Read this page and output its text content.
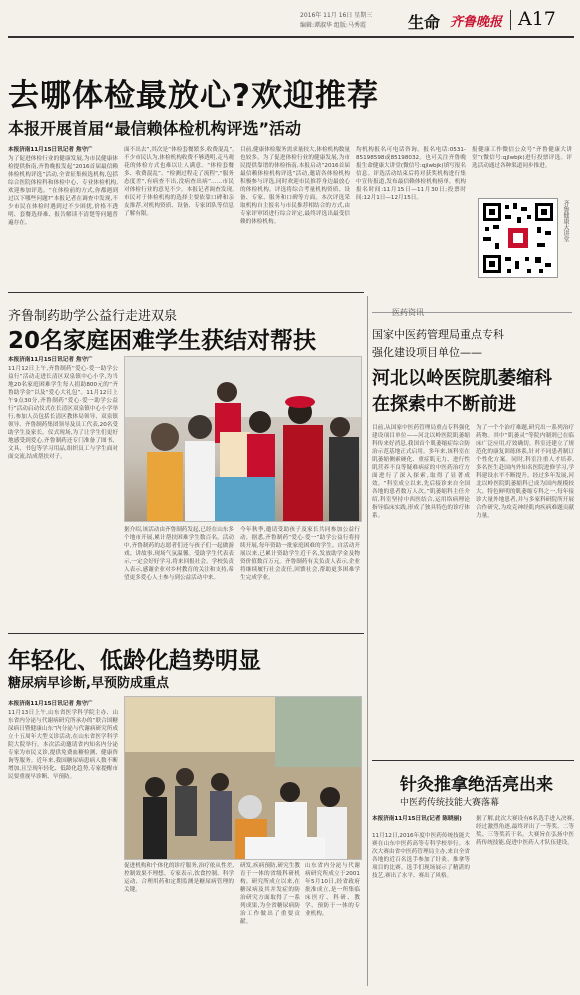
2016年 11月 16日 星期三
编辑:谭淑华 组版:马秀霞	生命 齐鲁晚报 A17
去哪体检最放心?欢迎推荐
本报开展首届“最信赖体检机构评选”活动
本报济南11月15日讯记者 焦守广
为了促进体检行业的健康发展,为市民健康体检提供指南,齐鲁晚报发起“2016首届最信赖体检机构评选”活动,全省征集候选机构,包括综合医院体检科和体检中心、专业体检机构,欢迎参加评选。“在体检前的方式,你都遇到过以下哪些问题?”本报记者在调查中发现,不少市民在体检时遇到过不少困扰,价格不透明、套餐选择难、报告解读不清楚等问题普遍存在。
面不出去”,其次是“体检套餐繁多,收费混乱”,不少市民认为,体检机构收费不够透明,走马观花的体检方式也难以让人满意。“体检套餐多、收费混乱”、“检测过程走了流程”,“服务态度差”,有病查不出,没病查出病”……市民对体检行业的意见不少。本报记者调查发现,市民对于体检机构的选择主要依靠口碑和亲友推荐,对机构资质、设备、专家团队等信息了解有限。
目前,健康体检服务需求量较大,体检机构数量也较多。为了促进体检行业的健康发展,为市民提供靠谱的体检指南,本报启动“2016首届最信赖体检机构评选”活动,邀请各体检机构积极参与评选,同时欢迎市民推荐身边最放心的体检机构。评选将综合考量机构资质、设备、专家、服务和口碑等方面。本次评选采取机构自主报名与市民推荐相结合的方式,由专家评审团进行综合评定,最终评选出最受信赖的体检机构。
均机构报名可电话咨询。报名电话:0531-85198598或85198032。也可关注齐鲁晚报生命健康大讲堂(微信号:qjlwbjk)填写报名信息。评选活动结束后将对获奖机构进行集中宣传报道,发布最信赖体检机构榜单。机构报名时间:11月15日—11月30日;投票时间:12月1日—12月15日。
报健康工作微信公众号“齐鲁健康大讲堂”(微信号:qjlwbjk)进行投票评选。评选活动通过各种渠道同步推进。
齐鲁健康大讲堂
齐鲁制药助学公益行走进双泉
20名家庭困难学生获结对帮扶
本报济南11月15日讯记者 焦守广
11月12日上午,齐鲁制药“爱心·爱一助学公益行”活动走进长清区双泉镇中心小学,为当地20名家庭困难学生每人捐助800元的“齐鲁助学金”以及“爱心大礼包”。11月12日上午9点30分,齐鲁制药“爱心·爱一助学公益行”活动启动仪式在长清区双泉镇中心小学举行,参加人员包括长清区教体局领导、双泉镇领导、齐鲁制药集团领导及员工代表,20名受助学生及家长。仪式现场,为了让学生们更好地感受到爱心,齐鲁制药还专门准备了图书、文具、书包等学习用品,组织员工与学生面对面交流,结成帮扶对子。
据介绍,该活动由齐鲁制药发起,已经在山东多个地市开展,累计帮扶困难学生数百名。活动中,齐鲁制药的志愿者们还与孩子们一起做游戏、讲故事,现场气氛温馨。受助学生代表表示,一定会好好学习,将来回报社会。学校负责人表示,感谢企业对乡村教育的关注和支持,希望更多爱心人士参与到公益活动中来。
今年秋季,邀请受助孩子及家长共同参加公益行动。据悉,齐鲁制药“爱心·爱一”助学公益行将持续开展,每年资助一批家庭困难的学生。自活动开展以来,已累计资助学生近千名,发放助学金及物资价值数百万元。齐鲁制药有关负责人表示,企业将继续履行社会责任,回馈社会,帮助更多困难学生完成学业。
年轻化、低龄化趋势明显
糖尿病早诊断,早预防成重点
本报济南11月15日讯记者 焦守广
11月13日上午,山东省医学科学院主办、山东省内分泌与代谢病研究所承办的“联合国糖尿病日暨健康山东”内分泌与代谢病研究所成立十五周年大型义诊活动,在山东省医学科学院大院举行。本次活动邀请省内知名内分泌专家为市民义诊,提供免费血糖检测、健康咨询等服务。近年来,我国糖尿病患病人数不断增加,且呈现年轻化、低龄化趋势,专家提醒市民要重视早诊断、早预防。
促进机构和个体化的诊疗服务,治疗依从性差,控制效果不理想。专家表示,饮食控制、科学运动、合理用药和定期监测是糖尿病管理的关键。
研发,疾病预防,研究生教育于一体的省级科研机构。研究所成立以来,在糖尿病及其并发症的防治研究方面取得了一系列成果,为全省糖尿病防治工作做出了重要贡献。
山东省内分泌与代谢病研究所成立于2001年5月10日,经省政府批准成立,是一所集临床医疗、科研、教学、预防于一体的专业机构。
医药资讯
国家中医药管理局重点专科
强化建设项目单位——
河北以岭医院肌萎缩科
在探索中不断前进
目前,从国家中医药管理局重点专科强化建设项目单位——河北以岭医院肌萎缩科传来好消息,我国首个肌萎缩症综合防治示范基地正式启用。多年来,该科室在肌萎缩侧索硬化、重症肌无力、进行性肌营养不良等疑难病症的中医药治疗方面进行了深入探索,取得了显著成效。“科室成立以来,先后接诊来自全国各地的患者数万人次。”肌萎缩科主任介绍,科室坚持中西医结合,运用络病理论指导临床实践,形成了独具特色的诊疗体系。
为了一个个治疗难题,研究出一系列治疗药物。其中“肌萎灵”等院内制剂已在临床广泛应用,疗效确切。科室还建立了规范化的康复训练体系,针对不同患者制订个性化方案。同时,科室注重人才培养,多名医生赴国内外知名医院进修学习,学科建设水平不断提升。经过多年发展,河北以岭医院肌萎缩科已成为国内规模较大、特色鲜明的肌萎缩专科之一,每年接诊大量外地患者,并与多家科研院所开展合作研究,为攻克神经肌肉疾病难题贡献力量。
针灸推拿绝活亮出来
中医药传统技能大赛落幕
本报济南11月15日讯(记者 陈晓丽)
11月12日,2016年度中医药传统技能大赛在山东中医药高等专科学校举行。本次大赛由省中医药管理局主办,来自全省各地的近百名选手参加了针灸、推拿等项目的比赛。选手们现场展示了精湛的技艺,赛出了水平、赛出了风格。
据了解,此次大赛设有6名选手进入决赛,经过激烈角逐,最终评出了一等奖、二等奖、三等奖若干名。大赛旨在弘扬中医药传统技能,促进中医药人才队伍建设。
